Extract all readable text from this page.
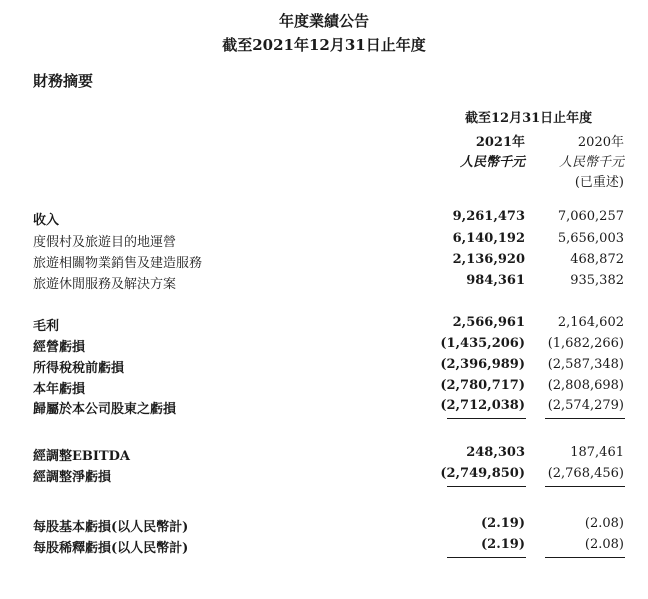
年度業績公告
截至2021年12月31日止年度
財務摘要
截至12月31日止年度
2021年	2020年
人民幣千元	人民幣千元
(已重述)
收入	9,261,473	7,060,257
度假村及旅遊目的地運營	6,140,192	5,656,003
旅遊相關物業銷售及建造服務	2,136,920	468,872
旅遊休閒服務及解決方案	984,361	935,382
毛利	2,566,961	2,164,602
經營虧損	(1,435,206) (1,682,266)
所得稅稅前虧損	(2,396,989) (2,587,348)
本年虧損	(2,780,717) (2,808,698)
歸屬於本公司股東之虧損	(2,712,038) (2,574,279)
經調整EBITDA	248,303	187,461
經調整淨虧損	(2,749,850) (2,768,456)
每股基本虧損(以人民幣計)	(2.19)	(2.08)
每股稀釋虧損(以人民幣計)	(2.19)	(2.08)
